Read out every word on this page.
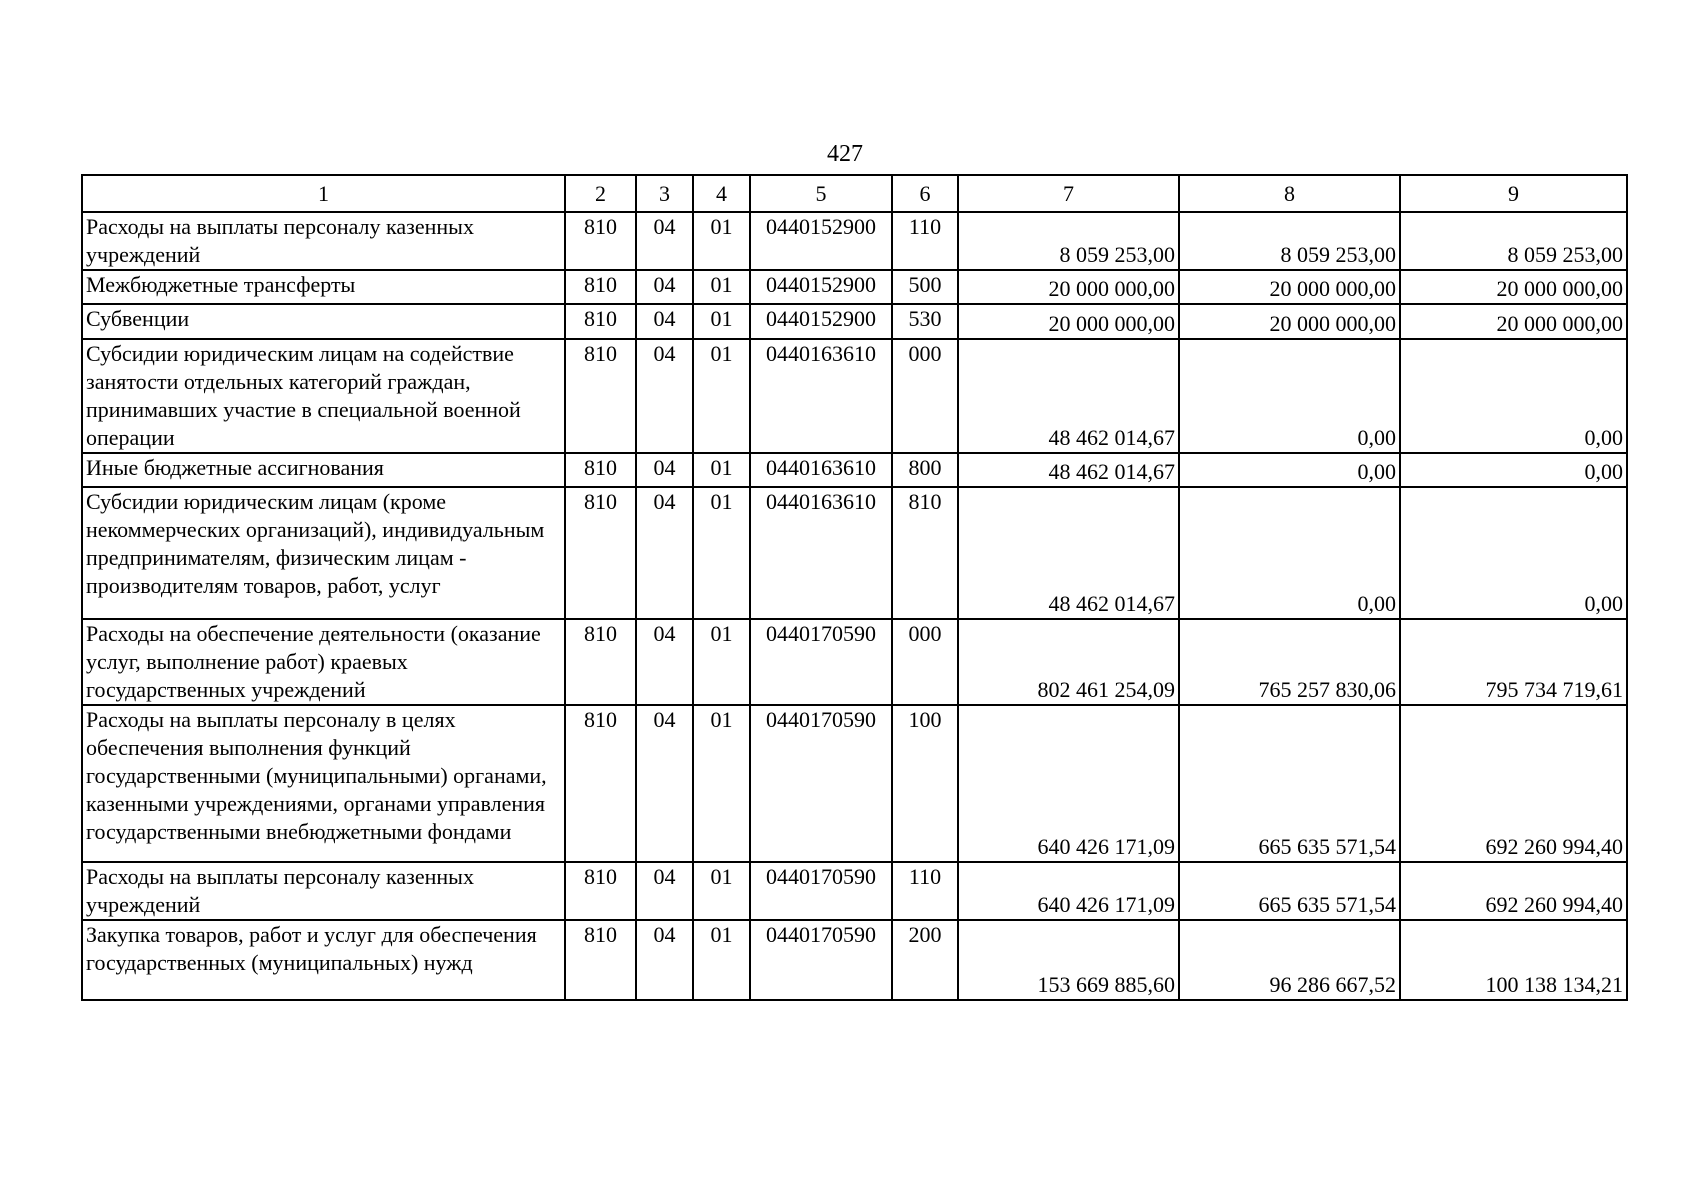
427
1	2	3	4	5	6	7	8	9
Расходы на выплаты персоналу казенных учреждений	810	04	01	0440152900	110	8 059 253,00	8 059 253,00	8 059 253,00
Межбюджетные трансферты	810	04	01	0440152900	500	20 000 000,00	20 000 000,00	20 000 000,00
Субвенции	810	04	01	0440152900	530	20 000 000,00	20 000 000,00	20 000 000,00
Субсидии юридическим лицам на содействие занятости отдельных категорий граждан, принимавших участие в специальной военной операции	810	04	01	0440163610	000	48 462 014,67	0,00	0,00
Иные бюджетные ассигнования	810	04	01	0440163610	800	48 462 014,67	0,00	0,00
Субсидии юридическим лицам (кроме некоммерческих организаций), индивидуальным предпринимателям, физическим лицам - производителям товаров, работ, услуг	810	04	01	0440163610	810	48 462 014,67	0,00	0,00
Расходы на обеспечение деятельности (оказание услуг, выполнение работ) краевых государственных учреждений	810	04	01	0440170590	000	802 461 254,09	765 257 830,06	795 734 719,61
Расходы на выплаты персоналу в целях обеспечения выполнения функций государственными (муниципальными) органами, казенными учреждениями, органами управления государственными внебюджетными фондами	810	04	01	0440170590	100	640 426 171,09	665 635 571,54	692 260 994,40
Расходы на выплаты персоналу казенных учреждений	810	04	01	0440170590	110	640 426 171,09	665 635 571,54	692 260 994,40
Закупка товаров, работ и услуг для обеспечения государственных (муниципальных) нужд	810	04	01	0440170590	200	153 669 885,60	96 286 667,52	100 138 134,21
